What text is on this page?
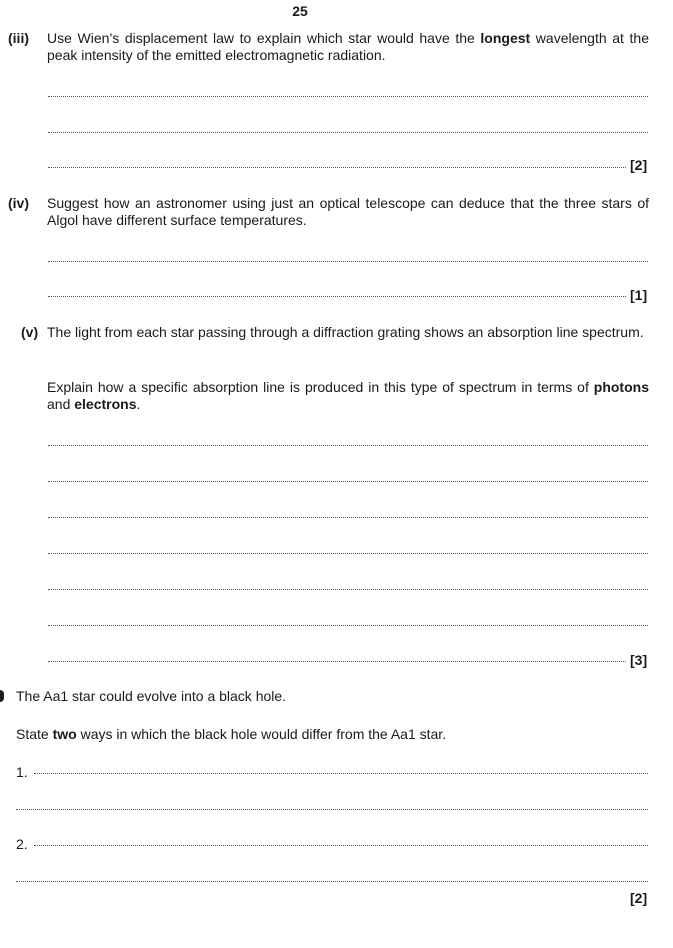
25
(iii) Use Wien’s displacement law to explain which star would have the longest wavelength at the peak intensity of the emitted electromagnetic radiation.
[2]
(iv) Suggest how an astronomer using just an optical telescope can deduce that the three stars of Algol have different surface temperatures.
[1]
(v) The light from each star passing through a diffraction grating shows an absorption line spectrum.
Explain how a specific absorption line is produced in this type of spectrum in terms of photons and electrons.
[3]
The Aa1 star could evolve into a black hole.
State two ways in which the black hole would differ from the Aa1 star.
1.
2.
[2]
